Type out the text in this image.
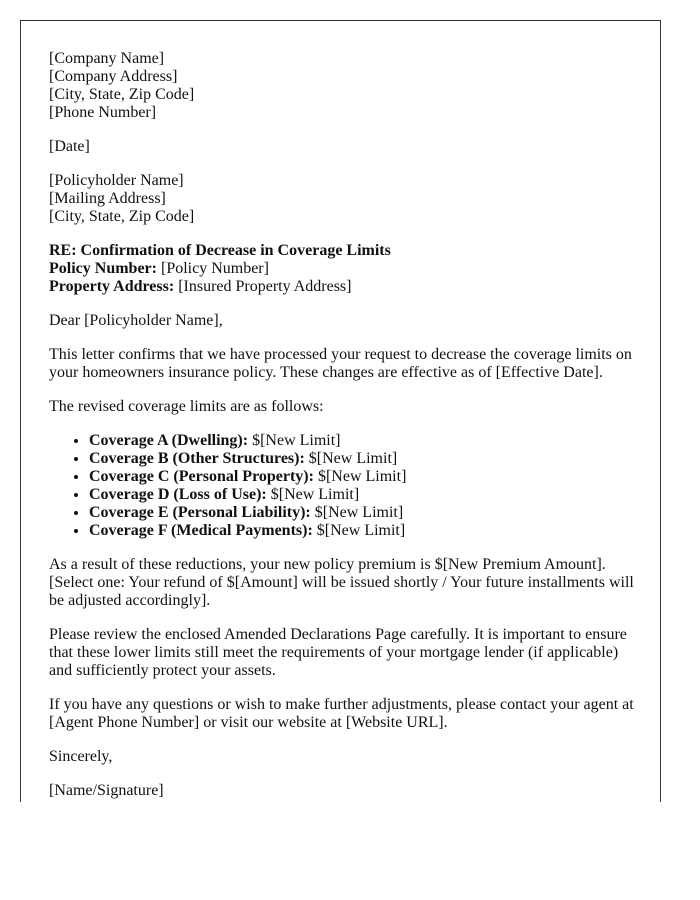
[Company Name]
[Company Address]
[City, State, Zip Code]
[Phone Number]

[Date]

[Policyholder Name]
[Mailing Address]
[City, State, Zip Code]

RE: Confirmation of Decrease in Coverage Limits
Policy Number: [Policy Number]
Property Address: [Insured Property Address]

Dear [Policyholder Name],

This letter confirms that we have processed your request to decrease the coverage limits on your homeowners insurance policy. These changes are effective as of [Effective Date].

The revised coverage limits are as follows:

• Coverage A (Dwelling): $[New Limit]
• Coverage B (Other Structures): $[New Limit]
• Coverage C (Personal Property): $[New Limit]
• Coverage D (Loss of Use): $[New Limit]
• Coverage E (Personal Liability): $[New Limit]
• Coverage F (Medical Payments): $[New Limit]

As a result of these reductions, your new policy premium is $[New Premium Amount]. [Select one: Your refund of $[Amount] will be issued shortly / Your future installments will be adjusted accordingly].

Please review the enclosed Amended Declarations Page carefully. It is important to ensure that these lower limits still meet the requirements of your mortgage lender (if applicable) and sufficiently protect your assets.

If you have any questions or wish to make further adjustments, please contact your agent at [Agent Phone Number] or visit our website at [Website URL].

Sincerely,

[Name/Signature]
